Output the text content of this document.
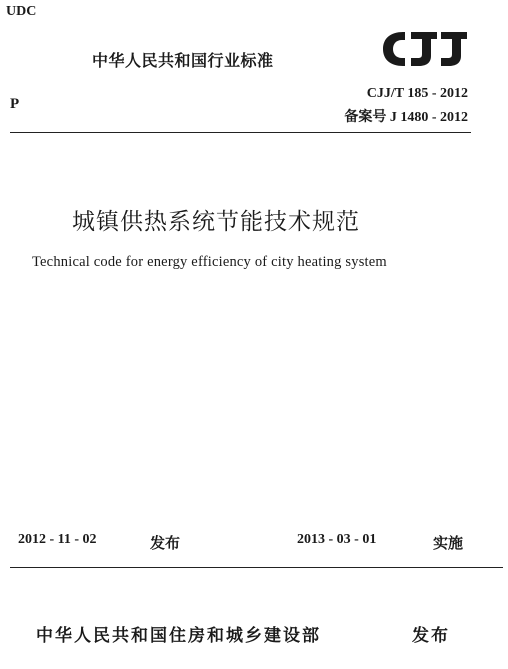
UDC
中华人民共和国行业标准
P
CJJ/T 185 - 2012
备案号 J 1480 - 2012
城镇供热系统节能技术规范
Technical code for energy efficiency of city heating system
2012 - 11 - 02	发布	2013 - 03 - 01	实施
中华人民共和国住房和城乡建设部	发布
